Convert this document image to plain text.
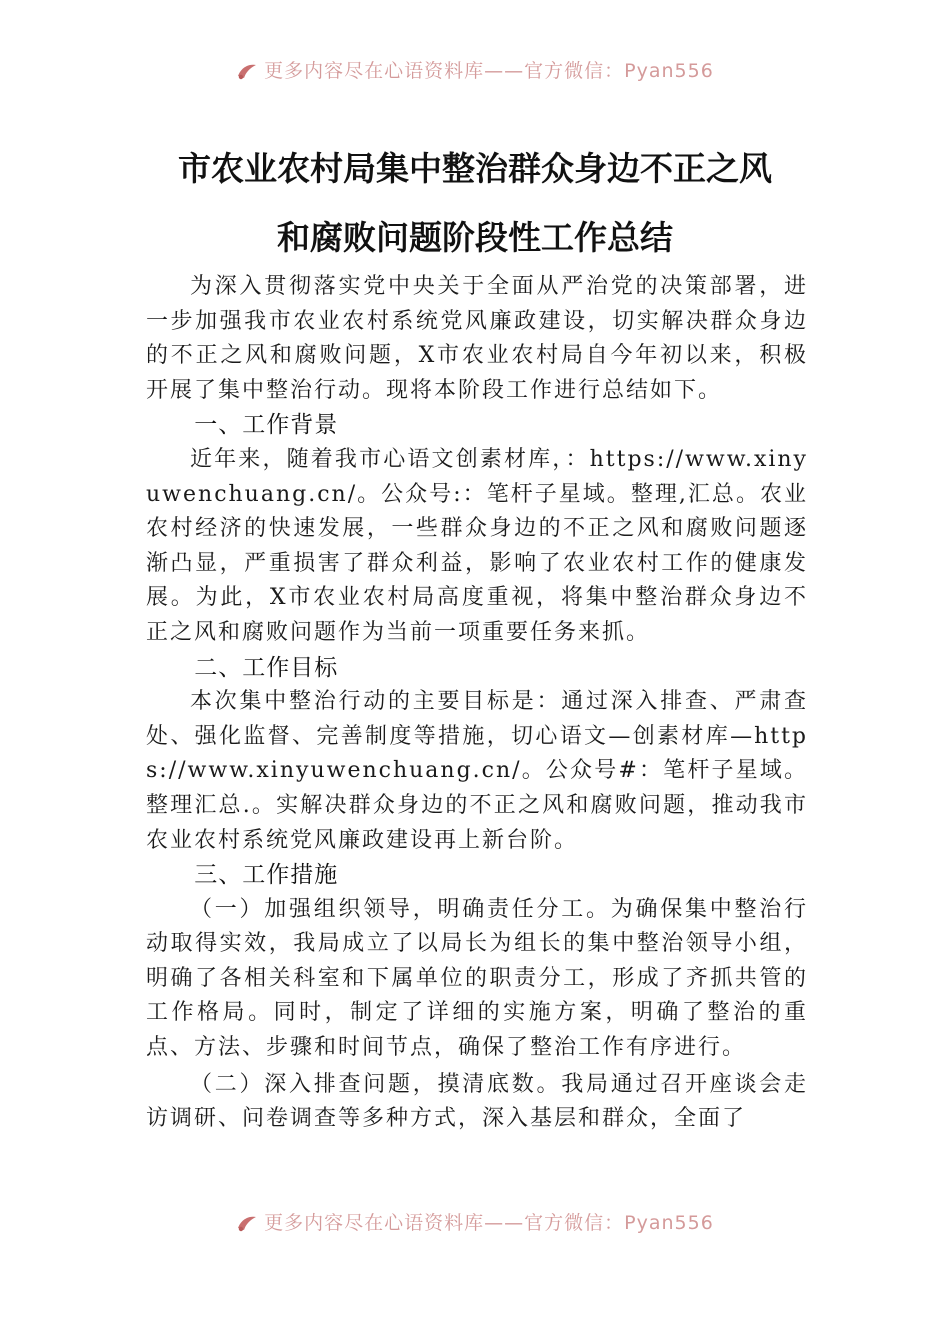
更多内容尽在心语资料库——官方微信：Pyan556
市农业农村局集中整治群众身边不正之风
和腐败问题阶段性工作总结

为深入贯彻落实党中央关于全面从严治党的决策部署，进一步加强我市农业农村系统党风廉政建设，切实解决群众身边的不正之风和腐败问题，X市农业农村局自今年初以来，积极开展了集中整治行动。现将本阶段工作进行总结如下。

一、工作背景

近年来，随着我市心语文创素材库，：https://www.xinyuwenchuang.cn/。公众号:：笔杆子星域。整理,汇总。农业农村经济的快速发展，一些群众身边的不正之风和腐败问题逐渐凸显，严重损害了群众利益，影响了农业农村工作的健康发展。为此，X市农业农村局高度重视，将集中整治群众身边不正之风和腐败问题作为当前一项重要任务来抓。

二、工作目标

本次集中整治行动的主要目标是：通过深入排查、严肃查处、强化监督、完善制度等措施，切心语文—创素材库—https://www.xinyuwenchuang.cn/。公众号#：笔杆子星域。整理汇总.。实解决群众身边的不正之风和腐败问题，推动我市农业农村系统党风廉政建设再上新台阶。

三、工作措施

（一）加强组织领导，明确责任分工。为确保集中整治行动取得实效，我局成立了以局长为组长的集中整治领导小组，明确了各相关科室和下属单位的职责分工，形成了齐抓共管的工作格局。同时，制定了详细的实施方案，明确了整治的重点、方法、步骤和时间节点，确保了整治工作有序进行。

（二）深入排查问题，摸清底数。我局通过召开座谈会走访调研、问卷调查等多种方式，深入基层和群众，全面了

更多内容尽在心语资料库——官方微信：Pyan556
